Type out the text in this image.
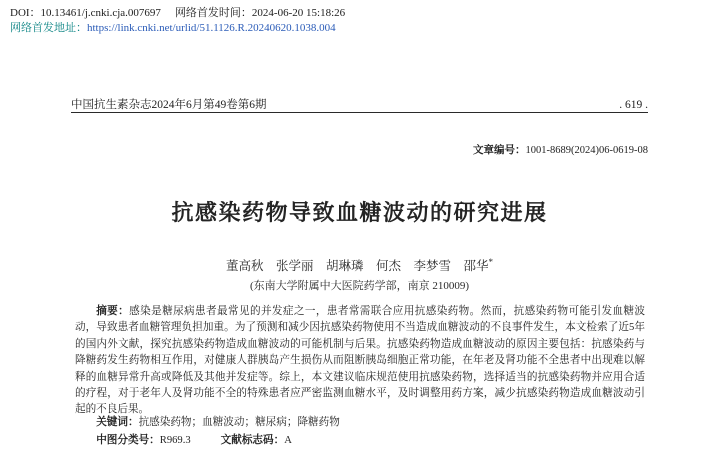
DOI：10.13461/j.cnki.cja.007697 网络首发时间：2024-06-20 15:18:26
网络首发地址：https://link.cnki.net/urlid/51.1126.R.20240620.1038.004
中国抗生素杂志2024年6月第49卷第6期	. 619 .
文章编号：1001-8689(2024)06-0619-08
抗感染药物导致血糖波动的研究进展
董高秋　张学丽　胡琳璘　何杰　李梦雪　邵华*
(东南大学附属中大医院药学部，南京 210009)
摘要：感染是糖尿病患者最常见的并发症之一，患者常需联合应用抗感染药物。然而，抗感染药物可能引发血糖波动，导致患者血糖管理负担加重。为了预测和减少因抗感染药物使用不当造成血糖波动的不良事件发生，本文检索了近5年的国内外文献，探究抗感染药物造成血糖波动的可能机制与后果。抗感染药物造成血糖波动的原因主要包括：抗感染药与降糖药发生药物相互作用，对健康人群胰岛产生损伤从而阻断胰岛细胞正常功能，在年老及肾功能不全患者中出现难以解释的血糖异常升高或降低及其他并发症等。综上，本文建议临床规范使用抗感染药物，选择适当的抗感染药物并应用合适的疗程，对于老年人及肾功能不全的特殊患者应严密监测血糖水平，及时调整用药方案，减少抗感染药物造成血糖波动引起的不良后果。
关键词：抗感染药物；血糖波动；糖尿病；降糖药物
中图分类号：R969.3	文献标志码：A
